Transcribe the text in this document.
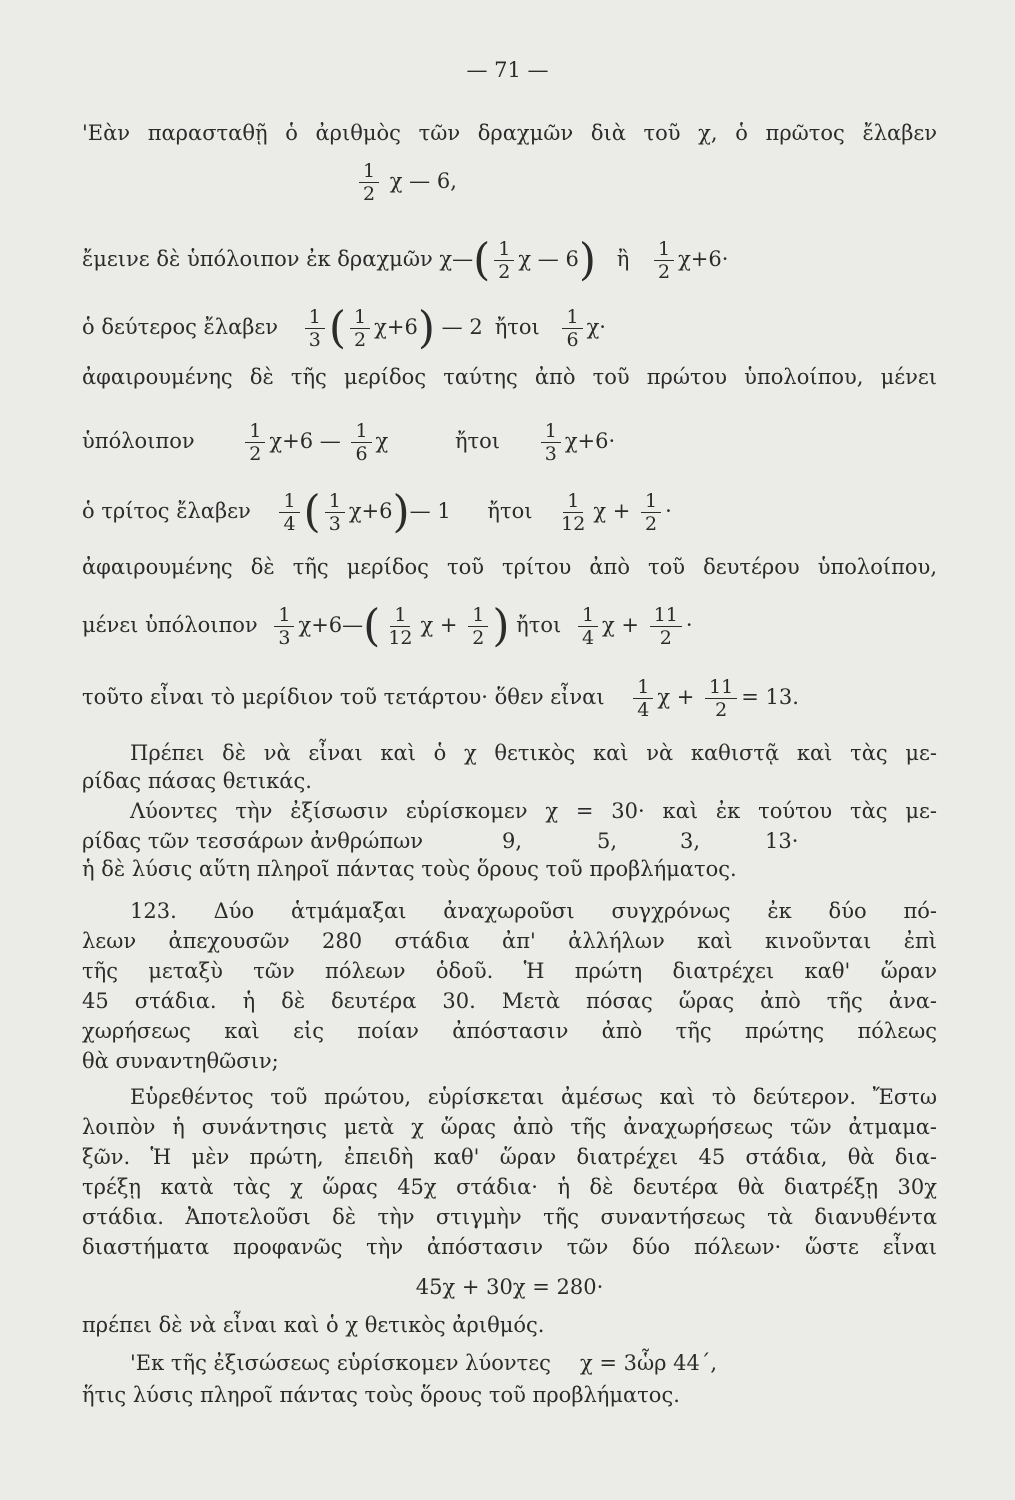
— 71 —
'Εὰν παρασταθῇ ὁ ἀριθμὸς τῶν δραχμῶν διὰ τοῦ χ, ὁ πρῶτος ἔλαβεν
$\frac{1}{2}$ χ — 6,
ἔμεινε δὲ ὑπόλοιπον ἐκ δραχμῶν χ—( $\frac{1}{2}$ χ — 6) ἢ $\frac{1}{2} \chi+6\cdot$
ὁ δεύτερος ἔλαβεν $\frac{1}{3}$ ( $\frac{1}{2} \chi+6$) — 2 ἤτοι $\frac{1}{6} \chi\cdot$
ἀφαιρουμένης δὲ τῆς μερίδος ταύτης ἀπὸ τοῦ πρώτου ὑπολοίπου, μένει
ὑπόλοιπον	$\frac{1}{2} \chi+6$ — $\frac{1}{6}$ χ	ἤτοι $\frac{1}{3} \chi+6\cdot$
ὁ τρίτος ἔλαβεν $\frac{1}{4}$ ( $\frac{1}{3}$ χ+6)— 1 ἤτοι $\frac{1}{12}$ $\chi + \frac{1}{2}$ ·
ἀφαιρουμένης δὲ τῆς μερίδος τοῦ τρίτου ἀπὸ τοῦ δευτέρου ὑπολοίπου,
μένει ὑπόλοιπον $\frac{1}{3}$ χ+6—( $\frac{1}{12}$ $\chi + \frac{1}{2}$ ) ἤτοι $\frac{1}{4}$ $\chi + \frac{11}{2}$ ·
τοῦτο εἶναι τὸ μερίδιον τοῦ τετάρτου· ὅθεν εἶναι $\frac{1}{4}$ $\chi + \frac{11}{2} = 13$.
Πρέπει δὲ νὰ εἶναι καὶ ὁ χ θετικὸς καὶ νὰ καθιστᾷ καὶ τὰς με-
ρίδας πάσας θετικάς.
Λύοντες τὴν ἐξίσωσιν εὑρίσκομεν χ = 30· καὶ ἐκ τούτου τὰς με-
ρίδας τῶν τεσσάρων ἀνθρώπων	9,	5,	3,	13·
ἡ δὲ λύσις αὕτη πληροῖ πάντας τοὺς ὅρους τοῦ προβλήματος.
123. Δύο ἁτμάμαξαι ἀναχωροῦσι συγχρόνως ἐκ δύο πό-
λεων ἀπεχουσῶν 280 στάδια ἀπ' ἀλλήλων καὶ κινοῦνται ἐπὶ
τῆς μεταξὺ τῶν πόλεων ὁδοῦ. Ἡ πρώτη διατρέχει καθ' ὥραν
45 στάδια. ἡ δὲ δευτέρα 30. Μετὰ πόσας ὥρας ἀπὸ τῆς ἀνα-
χωρήσεως καὶ εἰς ποίαν ἀπόστασιν ἀπὸ τῆς πρώτης πόλεως
θὰ συναντηθῶσιν;
Εὑρεθέντος τοῦ πρώτου, εὑρίσκεται ἀμέσως καὶ τὸ δεύτερον. Ἔστω
λοιπὸν ἡ συνάντησις μετὰ χ ὥρας ἀπὸ τῆς ἀναχωρήσεως τῶν ἀτμαμα-
ξῶν. Ἡ μὲν πρώτη, ἐπειδὴ καθ' ὥραν διατρέχει 45 στάδια, θὰ δια-
τρέξῃ κατὰ τὰς χ ὥρας 45χ στάδια· ἡ δὲ δευτέρα θὰ διατρέξῃ 30χ
στάδια. Ἀποτελοῦσι δὲ τὴν στιγμὴν τῆς συναντήσεως τὰ διανυθέντα
διαστήματα προφανῶς τὴν ἀπόστασιν τῶν δύο πόλεων· ὥστε εἶναι
45χ + 30χ = 280·
πρέπει δὲ νὰ εἶναι καὶ ὁ χ θετικὸς ἀριθμός.
'Εκ τῆς ἐξισώσεως εὑρίσκομεν λύοντες χ = 3ὧρ 44΄,
ἥτις λύσις πληροῖ πάντας τοὺς ὅρους τοῦ προβλήματος.
